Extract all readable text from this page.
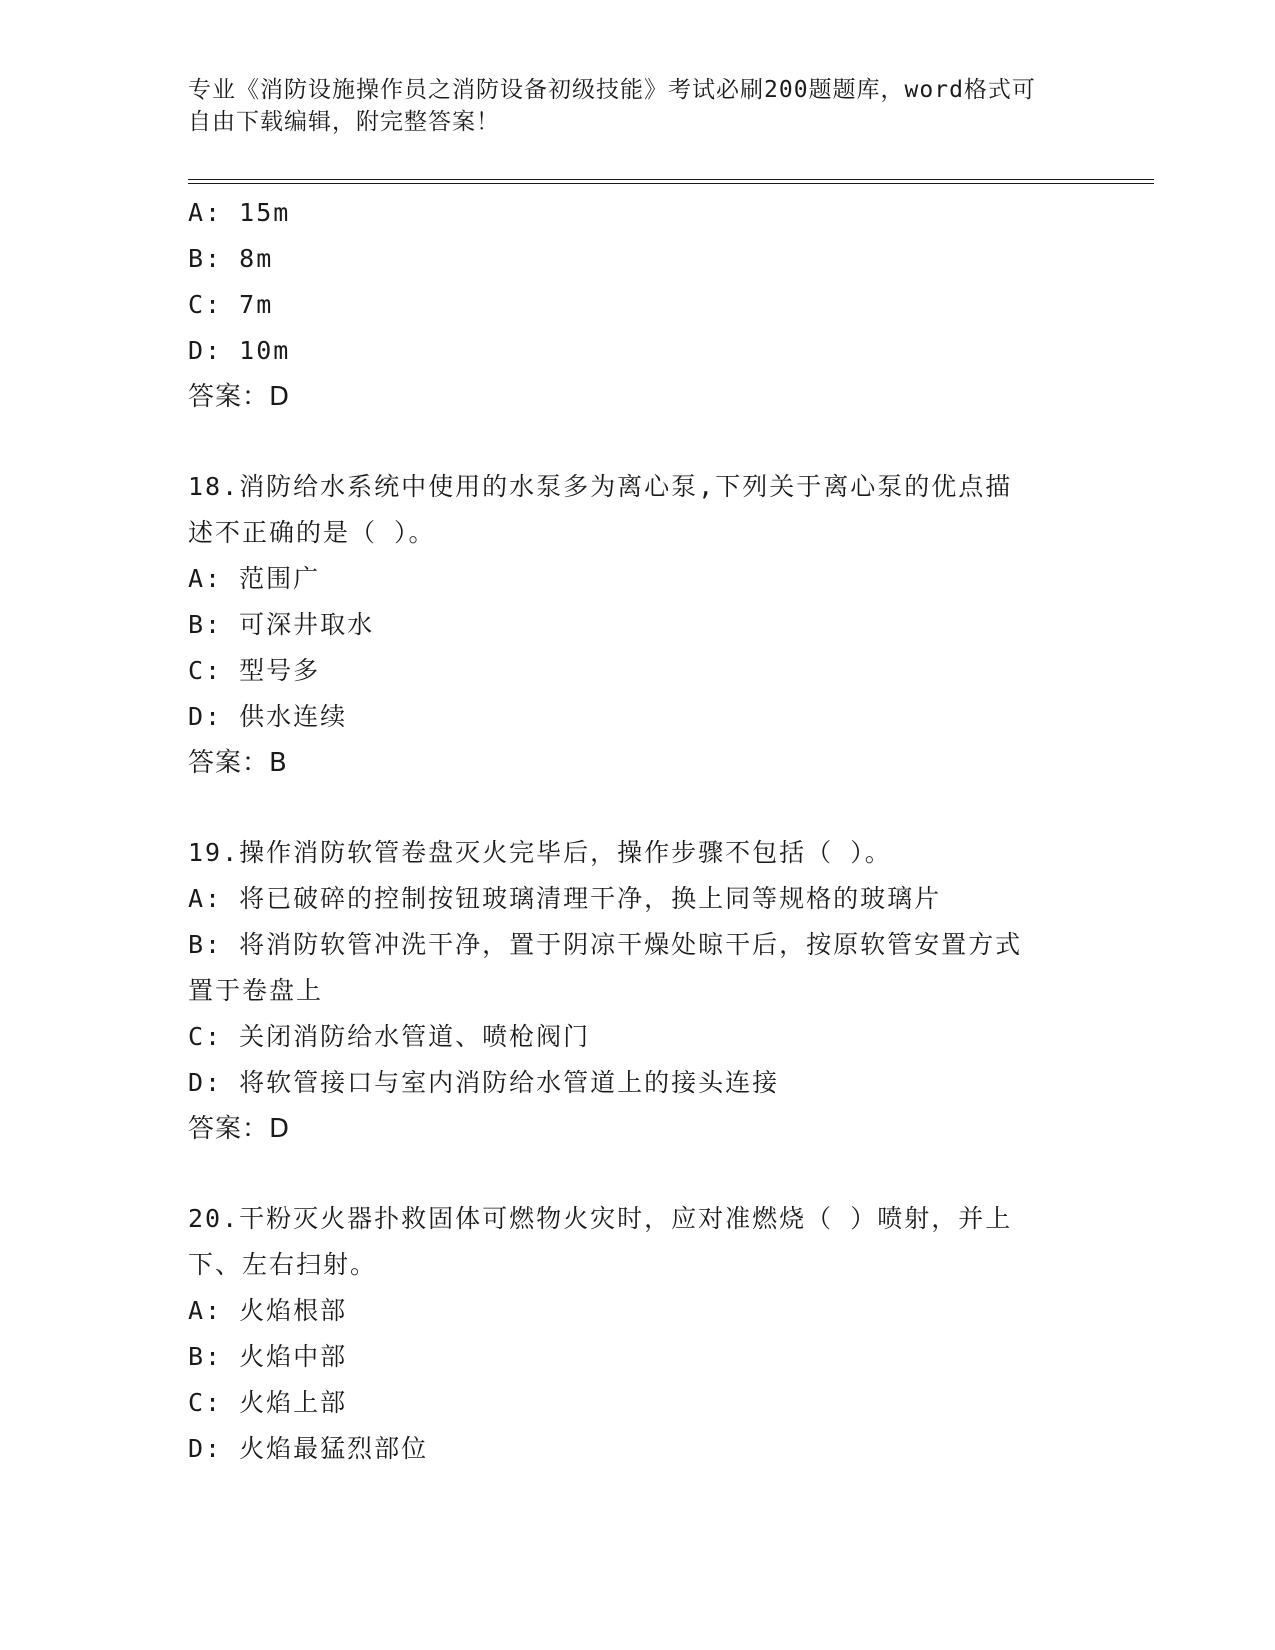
专业《消防设施操作员之消防设备初级技能》考试必刷200题题库，word格式可
自由下载编辑，附完整答案！
A: 15m
B: 8m
C: 7m
D: 10m
答案：D
18.消防给水系统中使用的水泵多为离心泵,下列关于离心泵的优点描
述不正确的是（ ）。
A: 范围广
B: 可深井取水
C: 型号多
D: 供水连续
答案：B
19.操作消防软管卷盘灭火完毕后，操作步骤不包括（ ）。
A: 将已破碎的控制按钮玻璃清理干净，换上同等规格的玻璃片
B: 将消防软管冲洗干净，置于阴凉干燥处晾干后，按原软管安置方式
置于卷盘上
C: 关闭消防给水管道、喷枪阀门
D: 将软管接口与室内消防给水管道上的接头连接
答案：D
20.干粉灭火器扑救固体可燃物火灾时，应对准燃烧（ ）喷射，并上
下、左右扫射。
A: 火焰根部
B: 火焰中部
C: 火焰上部
D: 火焰最猛烈部位
